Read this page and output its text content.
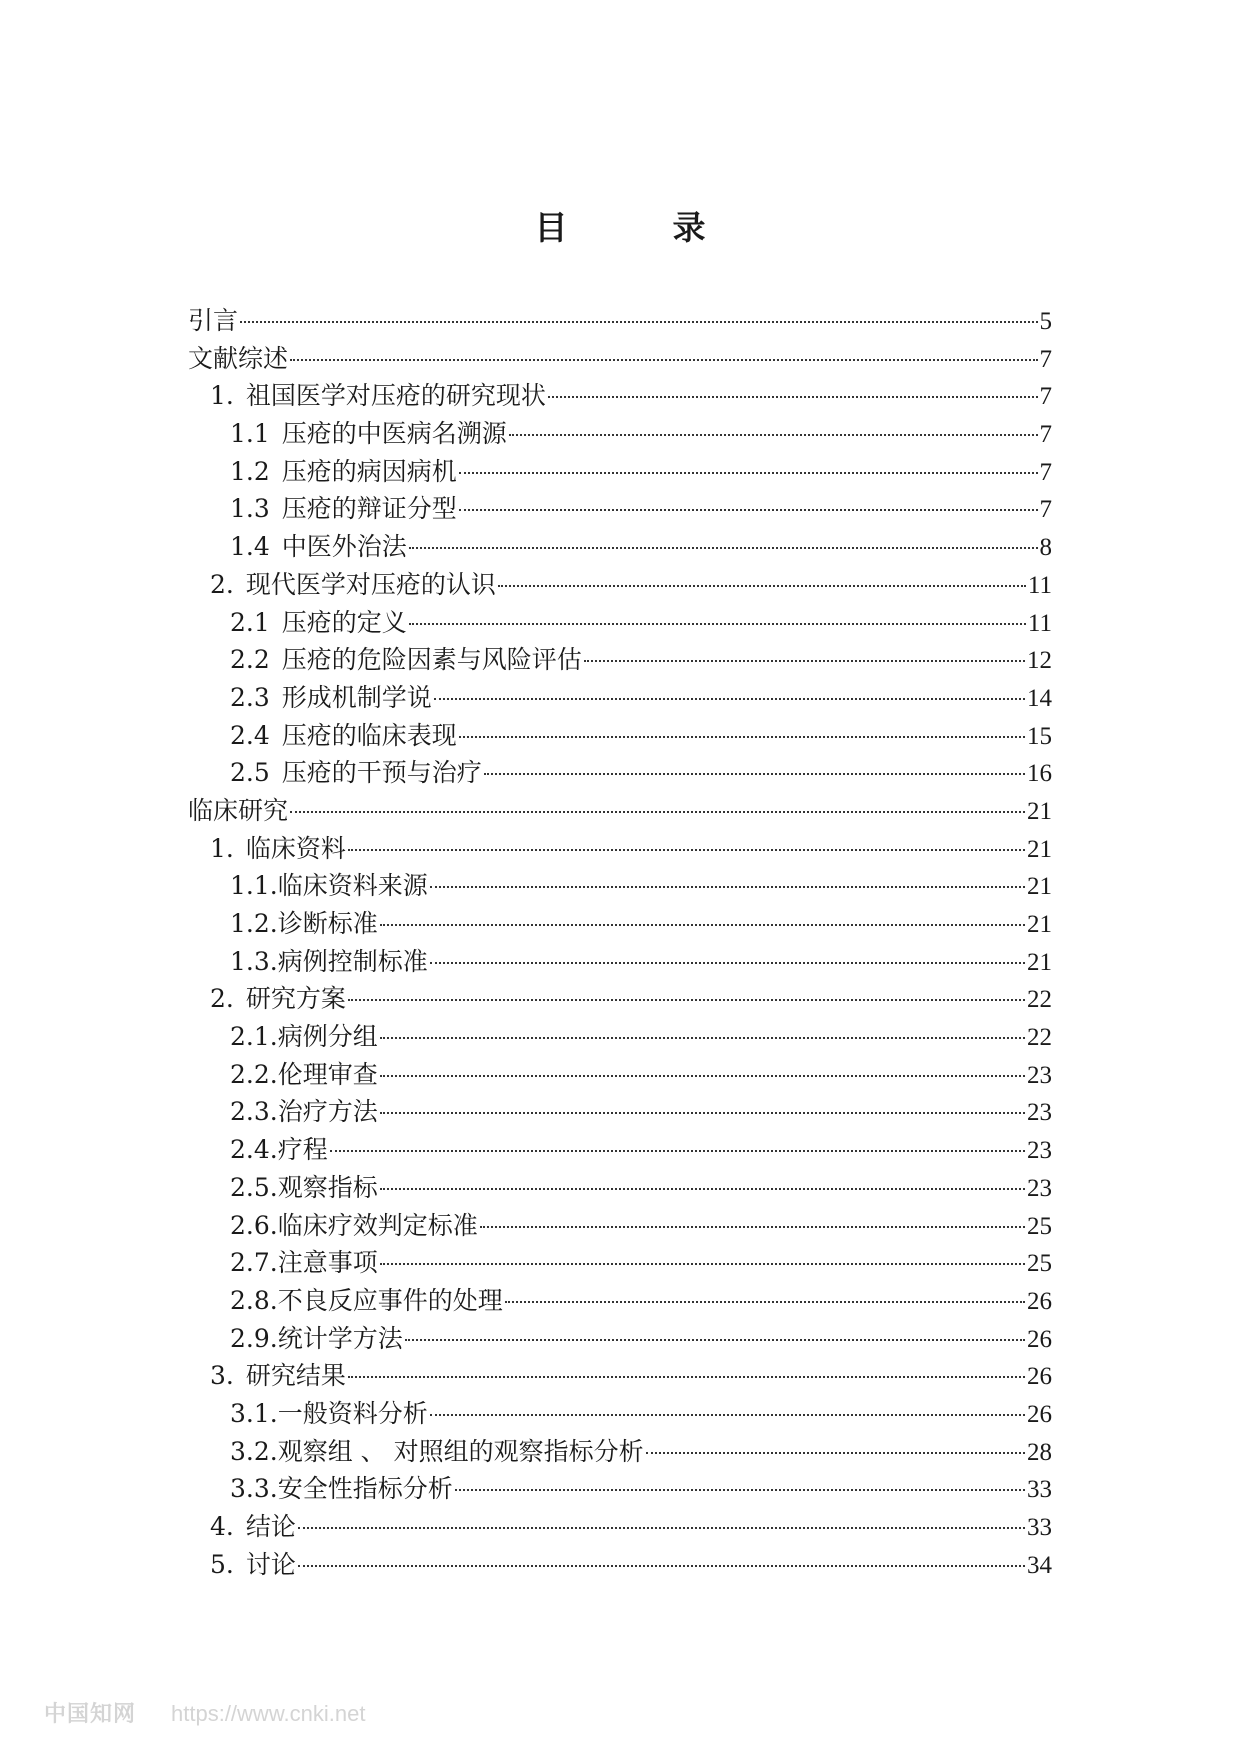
目　录
引言	5
文献综述	7
1. 祖国医学对压疮的研究现状	7
1.1 压疮的中医病名溯源	7
1.2 压疮的病因病机	7
1.3 压疮的辩证分型	7
1.4 中医外治法	8
2. 现代医学对压疮的认识	11
2.1 压疮的定义	11
2.2 压疮的危险因素与风险评估	12
2.3 形成机制学说	14
2.4 压疮的临床表现	15
2.5 压疮的干预与治疗	16
临床研究	21
1. 临床资料	21
1.1.临床资料来源	21
1.2.诊断标准	21
1.3.病例控制标准	21
2. 研究方案	22
2.1.病例分组	22
2.2.伦理审查	23
2.3.治疗方法	23
2.4.疗程	23
2.5.观察指标	23
2.6.临床疗效判定标准	25
2.7.注意事项	25
2.8.不良反应事件的处理	26
2.9.统计学方法	26
3. 研究结果	26
3.1.一般资料分析	26
3.2.观察组 、 对照组的观察指标分析	28
3.3.安全性指标分析	33
4. 结论	33
5. 讨论	34
中国知网 https://www.cnki.net
